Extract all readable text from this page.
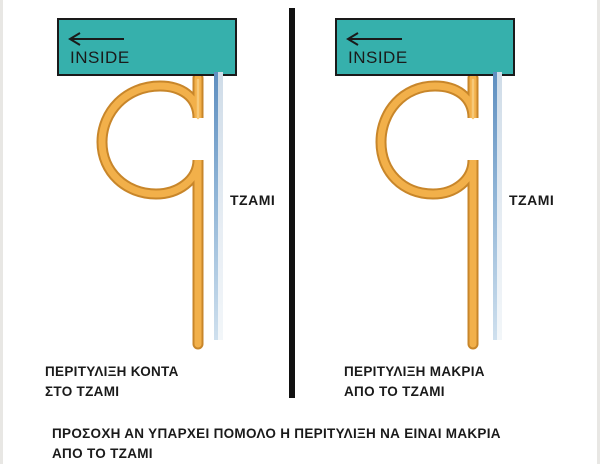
INSIDE
ΤΖΑΜΙ
INSIDE
ΤΖΑΜΙ
ΠΕΡΙΤΥΛΙΞΗ ΚΟΝΤΑ
ΣΤΟ ΤΖΑΜΙ
ΠΕΡΙΤΥΛΙΞΗ ΜΑΚΡΙΑ
ΑΠΟ ΤΟ ΤΖΑΜΙ
ΠΡΟΣΟΧΗ ΑΝ ΥΠΑΡΧΕΙ ΠΟΜΟΛΟ Η ΠΕΡΙΤΥΛΙΞΗ ΝΑ ΕΙΝΑΙ ΜΑΚΡΙΑ
ΑΠΟ ΤΟ ΤΖΑΜΙ
